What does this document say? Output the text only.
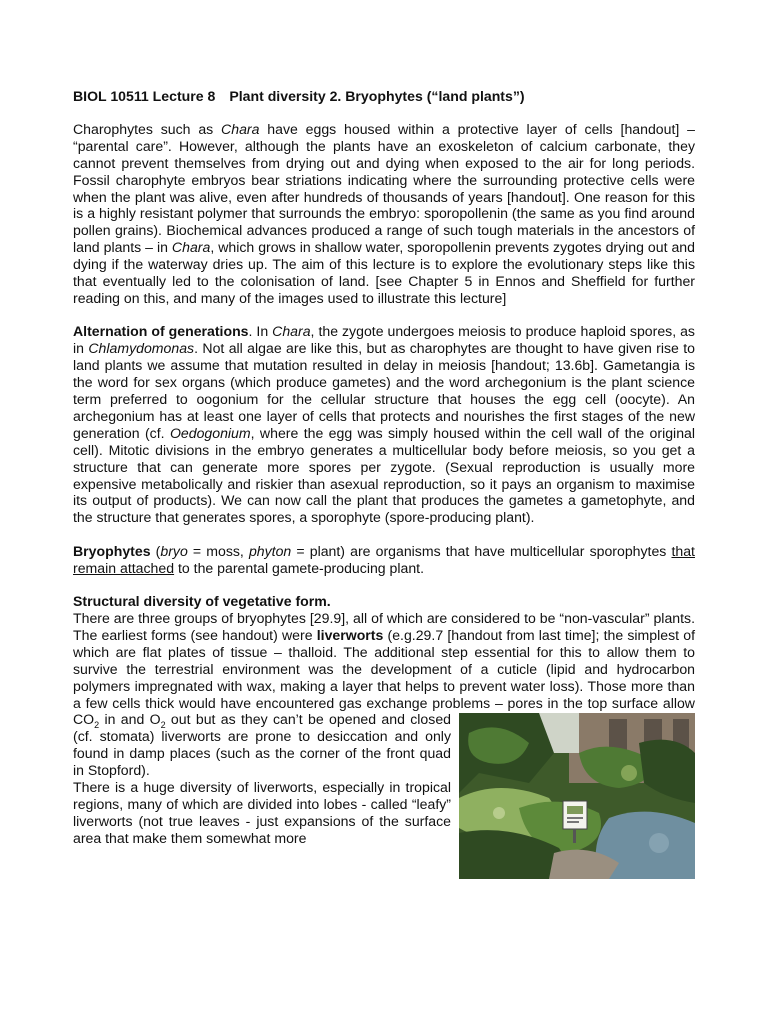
BIOL 10511 Lecture 8 Plant diversity 2. Bryophytes (“land plants”)

Charophytes such as Chara have eggs housed within a protective layer of cells [handout] – “parental care”. However, although the plants have an exoskeleton of calcium carbonate, they cannot prevent themselves from drying out and dying when exposed to the air for long periods. Fossil charophyte embryos bear striations indicating where the surrounding protective cells were when the plant was alive, even after hundreds of thousands of years [handout]. One reason for this is a highly resistant polymer that surrounds the embryo: sporopollenin (the same as you find around pollen grains). Biochemical advances produced a range of such tough materials in the ancestors of land plants – in Chara, which grows in shallow water, sporopollenin prevents zygotes drying out and dying if the waterway dries up. The aim of this lecture is to explore the evolutionary steps like this that eventually led to the colonisation of land. [see Chapter 5 in Ennos and Sheffield for further reading on this, and many of the images used to illustrate this lecture]

Alternation of generations. In Chara, the zygote undergoes meiosis to produce haploid spores, as in Chlamydomonas. Not all algae are like this, but as charophytes are thought to have given rise to land plants we assume that mutation resulted in delay in meiosis [handout; 13.6b]. Gametangia is the word for sex organs (which produce gametes) and the word archegonium is the plant science term preferred to oogonium for the cellular structure that houses the egg cell (oocyte). An archegonium has at least one layer of cells that protects and nourishes the first stages of the new generation (cf. Oedogonium, where the egg was simply housed within the cell wall of the original cell). Mitotic divisions in the embryo generates a multicellular body before meiosis, so you get a structure that can generate more spores per zygote. (Sexual reproduction is usually more expensive metabolically and riskier than asexual reproduction, so it pays an organism to maximise its output of products). We can now call the plant that produces the gametes a gametophyte, and the structure that generates spores, a sporophyte (spore-producing plant).

Bryophytes (bryo = moss, phyton = plant) are organisms that have multicellular sporophytes that remain attached to the parental gamete-producing plant.

Structural diversity of vegetative form.

There are three groups of bryophytes [29.9], all of which are considered to be “non-vascular” plants. The earliest forms (see handout) were liverworts (e.g.29.7 [handout from last time]; the simplest of which are flat plates of tissue – thalloid. The additional step essential for this to allow them to survive the terrestrial environment was the development of a cuticle (lipid and hydrocarbon polymers impregnated with wax, making a layer that helps to prevent water loss). Those more than a few cells thick would have encountered gas exchange problems – pores in the top surface allow CO
$_2$ in and $O_2$ out but as they can’t be opened and closed (cf. stomata) liverworts are prone to desiccation and only found in damp places (such as the corner of the front quad in Stopford).

There is a huge diversity of liverworts, especially in tropical regions, many of which are divided into lobes - called “leafy” liverworts (not true leaves - just expansions of the surface area that make them somewhat more
